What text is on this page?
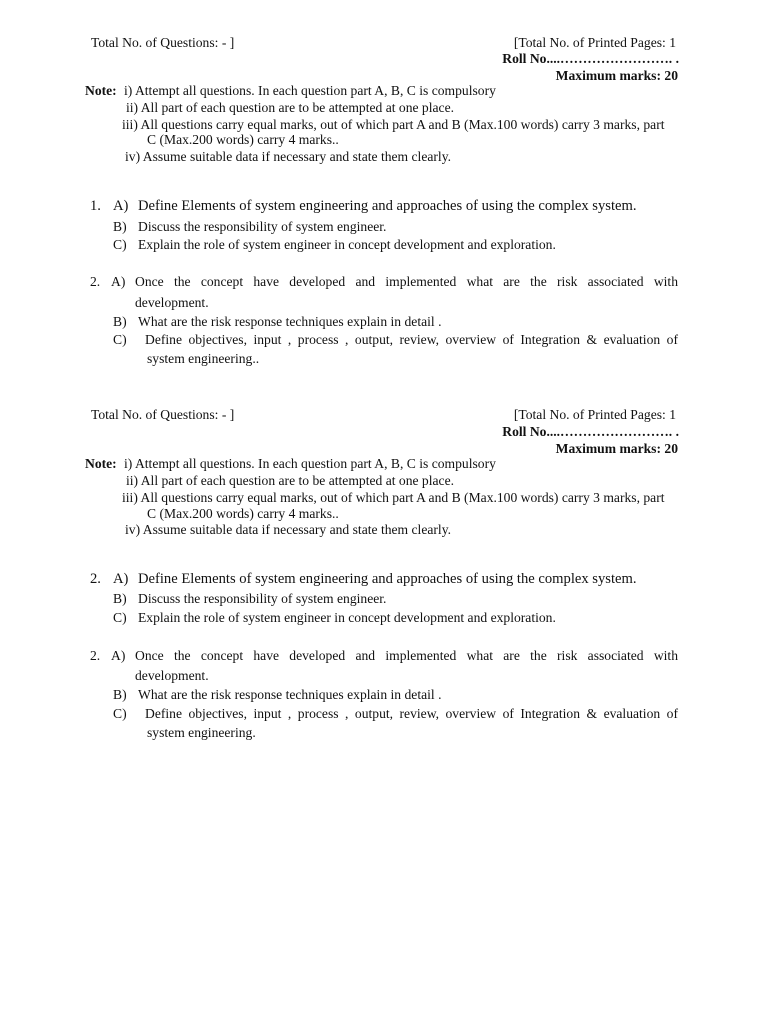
Total No. of Questions: - ]	[Total No. of Printed Pages: 1
Roll No....……………………. .
Maximum marks: 20
Note: i) Attempt all questions. In each question part A, B, C is compulsory
ii) All part of each question are to be attempted at one place.
iii) All questions carry equal marks, out of which part A and B (Max.100 words) carry 3 marks, part
C (Max.200 words) carry 4 marks..
iv) Assume suitable data if necessary and state them clearly.
1. A) Define Elements of system engineering and approaches of using the complex system.
B) Discuss the responsibility of system engineer.
C) Explain the role of system engineer in concept development and exploration.
2. A) Once the concept have developed and implemented what are the risk associated with
development.
B) What are the risk response techniques explain in detail .
C) Define objectives, input , process , output, review, overview of Integration & evaluation of
system engineering..
Total No. of Questions: - ]	[Total No. of Printed Pages: 1
Roll No....……………………. .
Maximum marks: 20
Note: i) Attempt all questions. In each question part A, B, C is compulsory
ii) All part of each question are to be attempted at one place.
iii) All questions carry equal marks, out of which part A and B (Max.100 words) carry 3 marks, part
C (Max.200 words) carry 4 marks..
iv) Assume suitable data if necessary and state them clearly.
2. A) Define Elements of system engineering and approaches of using the complex system.
B) Discuss the responsibility of system engineer.
C) Explain the role of system engineer in concept development and exploration.
2. A) Once the concept have developed and implemented what are the risk associated with
development.
B) What are the risk response techniques explain in detail .
C) Define objectives, input , process , output, review, overview of Integration & evaluation of
system engineering.
